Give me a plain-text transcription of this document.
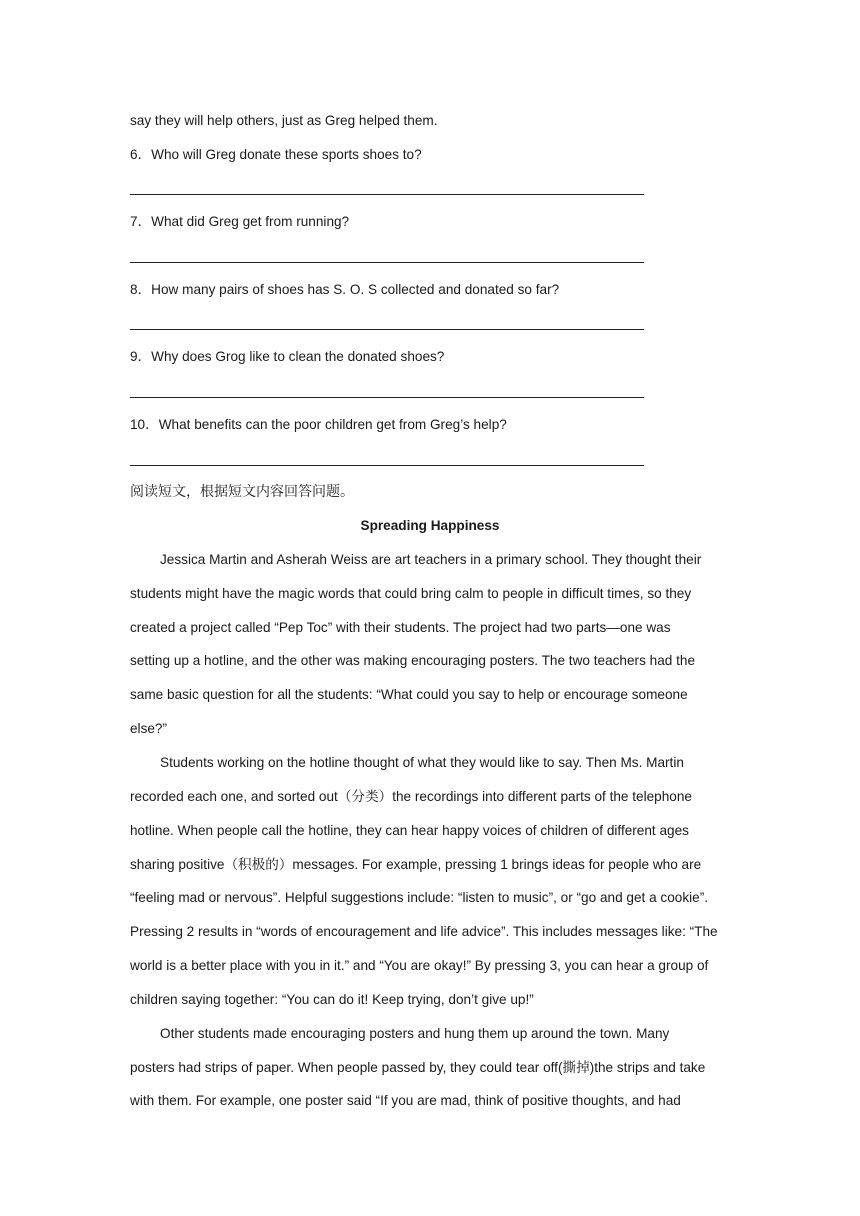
say they will help others, just as Greg helped them.
6．Who will Greg donate these sports shoes to?
7．What did Greg get from running?
8．How many pairs of shoes has S. O. S collected and donated so far?
9．Why does Grog like to clean the donated shoes?
10．What benefits can the poor children get from Greg’s help?
阅读短文，根据短文内容回答问题。
Spreading Happiness
Jessica Martin and Asherah Weiss are art teachers in a primary school. They thought their
students might have the magic words that could bring calm to people in difficult times, so they
created a project called “Pep Toc” with their students. The project had two parts—one was
setting up a hotline, and the other was making encouraging posters. The two teachers had the
same basic question for all the students: “What could you say to help or encourage someone
else?”
Students working on the hotline thought of what they would like to say. Then Ms. Martin
recorded each one, and sorted out（分类）the recordings into different parts of the telephone
hotline. When people call the hotline, they can hear happy voices of children of different ages
sharing positive（积极的）messages. For example, pressing 1 brings ideas for people who are
“feeling mad or nervous”. Helpful suggestions include: “listen to music”, or “go and get a cookie”.
Pressing 2 results in “words of encouragement and life advice”. This includes messages like: “The
world is a better place with you in it.” and “You are okay!” By pressing 3, you can hear a group of
children saying together: “You can do it! Keep trying, don’t give up!”
Other students made encouraging posters and hung them up around the town. Many
posters had strips of paper. When people passed by, they could tear off(撕掉)the strips and take
with them. For example, one poster said “If you are mad, think of positive thoughts, and had
